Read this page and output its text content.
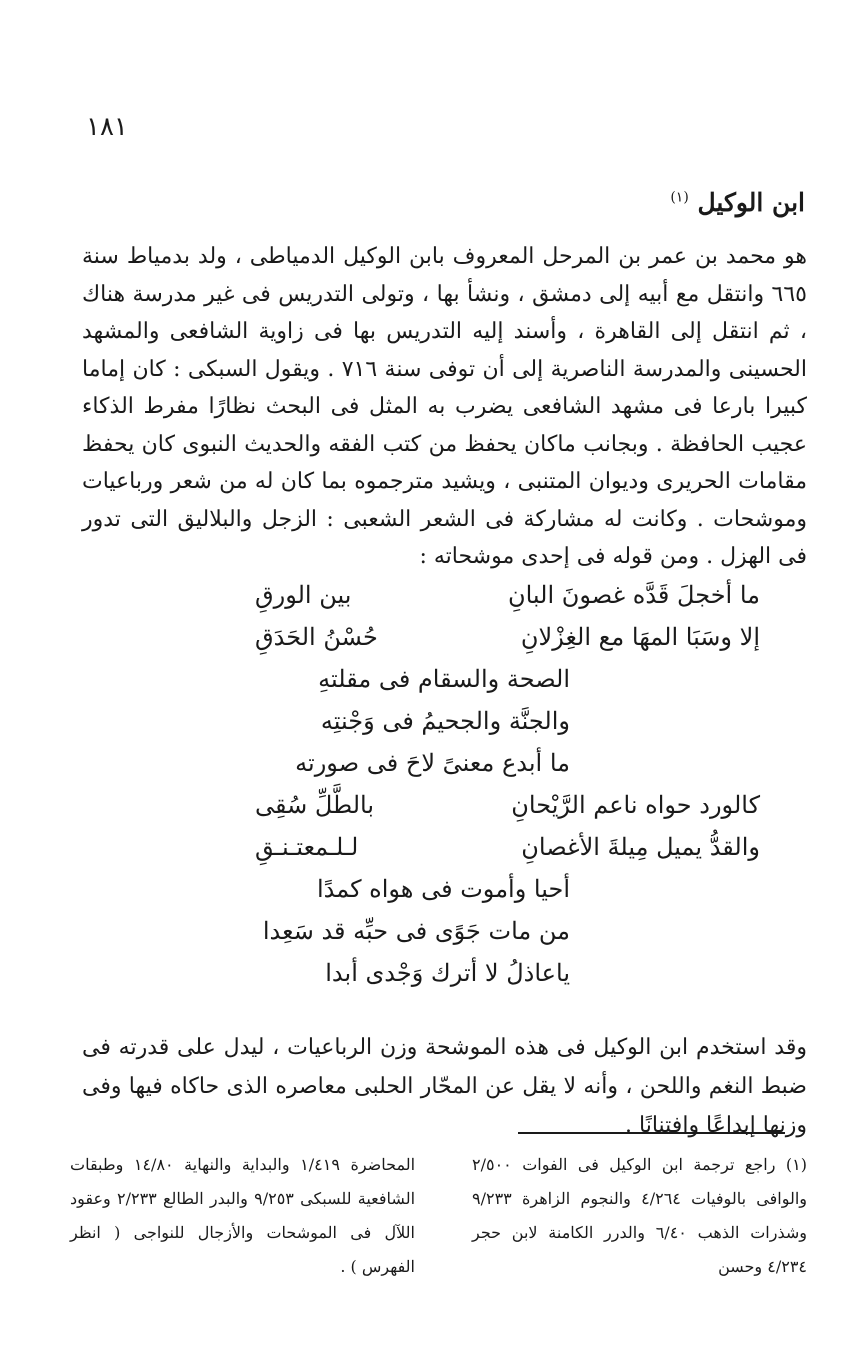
١٨١
ابن الوكيل $^{(١)}$
هو محمد بن عمر بن المرحل المعروف بابن الوكيل الدمياطى ، ولد بدمياط سنة ٦٦٥ وانتقل مع أبيه إلى دمشق ، ونشأ بها ، وتولى التدريس فى غير مدرسة هناك ، ثم انتقل إلى القاهرة ، وأسند إليه التدريس بها فى زاوية الشافعى والمشهد الحسينى والمدرسة الناصرية إلى أن توفى سنة ٧١٦ . ويقول السبكى : كان إماما كبيرا بارعا فى مشهد الشافعى يضرب به المثل فى البحث نظارًا مفرط الذكاء عجيب الحافظة . وبجانب ماكان يحفظ من كتب الفقه والحديث النبوى كان يحفظ مقامات الحريرى وديوان المتنبى ، ويشيد مترجموه بما كان له من شعر ورباعيات وموشحات . وكانت له مشاركة فى الشعر الشعبى : الزجل والبلاليق التى تدور فى الهزل . ومن قوله فى إحدى موشحاته :
ما أخجلَ قَدَّه غصونَ البانِ
بين الورقِ
إلا وسَبَا المهَا مع الغِزْلانِ
حُسْنُ الحَدَقِ
الصحة والسقام فى مقلتهِ
والجنَّة والجحيمُ فى وَجْنتِه
ما أبدع معنىً لاحَ فى صورته
كالورد حواه ناعم الرَّيْحانِ
بالطَّلِّ سُقِى
والقدُّ يميل مِيلةَ الأغصانِ
لـلـمعتـنـقِ
أحيا وأموت فى هواه كمدًا
من مات جَوًى فى حبِّه قد سَعِدا
ياعاذلُ لا أترك وَجْدى أبدا
وقد استخدم ابن الوكيل فى هذه الموشحة وزن الرباعيات ، ليدل على قدرته فى ضبط النغم واللحن ، وأنه لا يقل عن المحّار الحلبى معاصره الذى حاكاه فيها وفى وزنها إبداعًا وافتنانًا .
(١) راجع ترجمة ابن الوكيل فى الفوات ٢/٥٠٠ والوافى بالوفيات ٤/٢٦٤ والنجوم الزاهرة ٩/٢٣٣ وشذرات الذهب ٦/٤٠ والدرر الكامنة لابن حجر ٤/٢٣٤ وحسن
المحاضرة ١/٤١٩ والبداية والنهاية ١٤/٨٠ وطبقات الشافعية للسبكى ٩/٢٥٣ والبدر الطالع ٢/٢٣٣ وعقود اللآل فى الموشحات والأزجال للنواجى ( انظر الفهرس ) .
